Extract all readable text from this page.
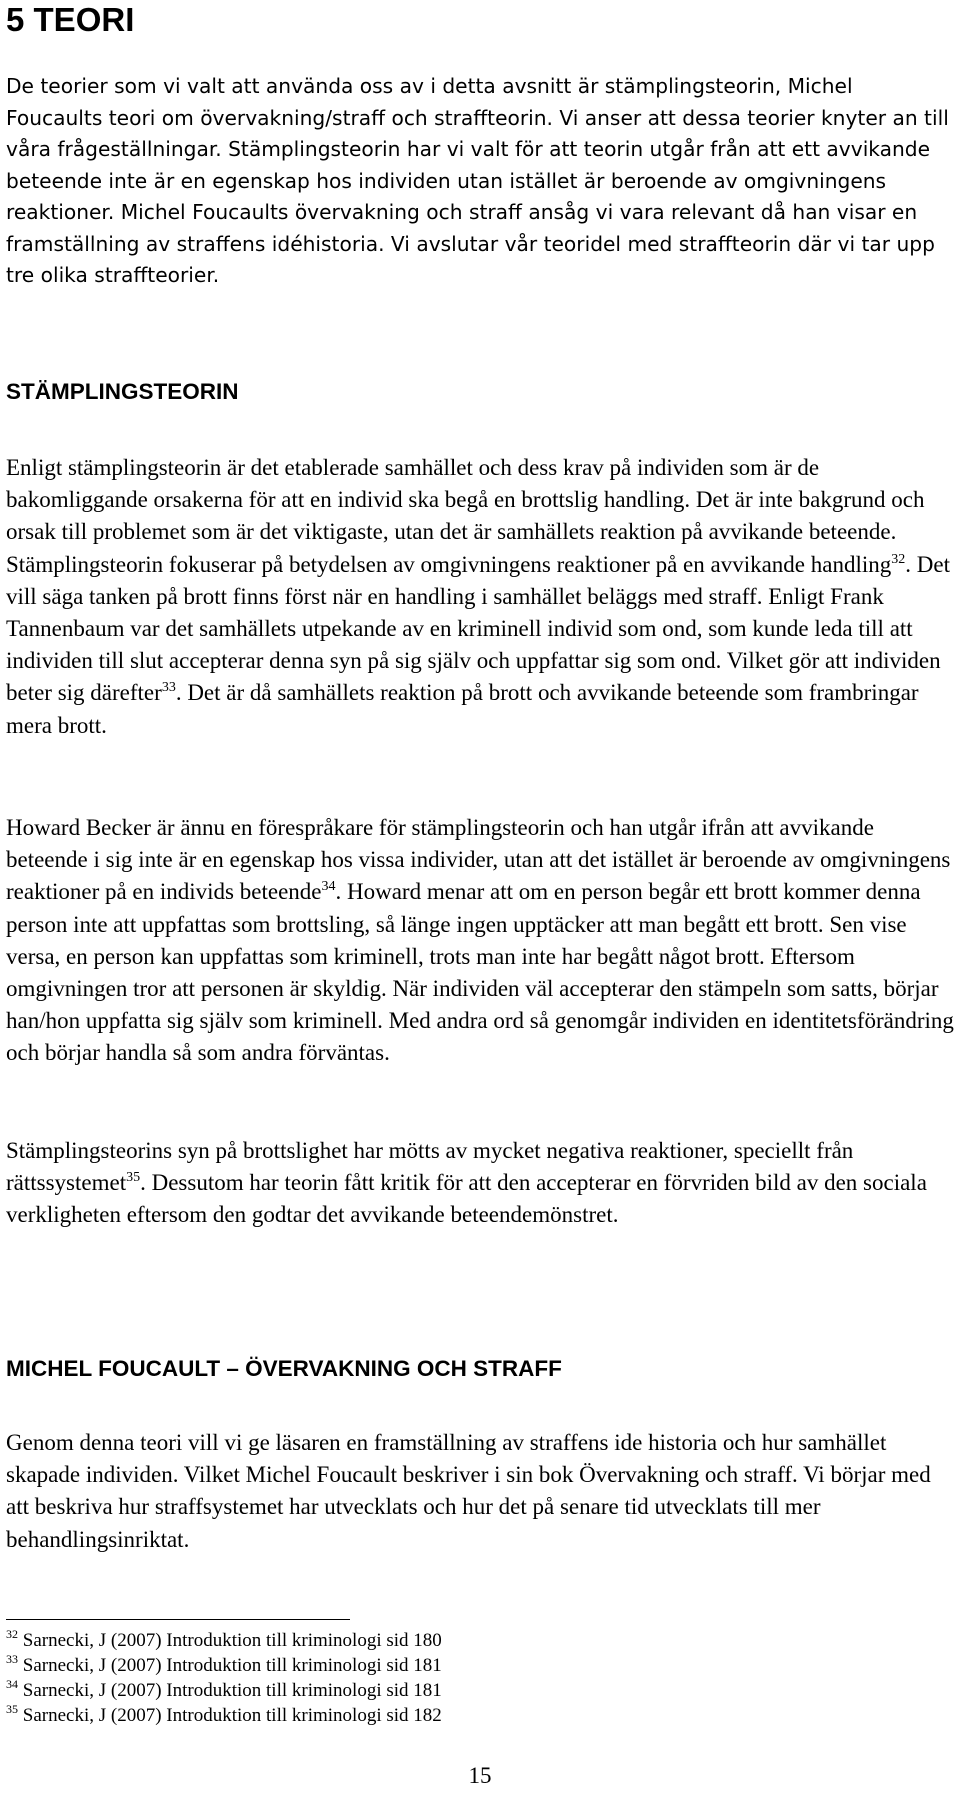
5 TEORI

De teorier som vi valt att använda oss av i detta avsnitt är stämplingsteorin, Michel Foucaults teori om övervakning/straff och straffteorin. Vi anser att dessa teorier knyter an till våra frågeställningar. Stämplingsteorin har vi valt för att teorin utgår från att ett avvikande beteende inte är en egenskap hos individen utan istället är beroende av omgivningens reaktioner. Michel Foucaults övervakning och straff ansåg vi vara relevant då han visar en framställning av straffens idéhistoria. Vi avslutar vår teoridel med straffteorin där vi tar upp tre olika straffteorier.

STÄMPLINGSTEORIN

Enligt stämplingsteorin är det etablerade samhället och dess krav på individen som är de bakomliggande orsakerna för att en individ ska begå en brottslig handling. Det är inte bakgrund och orsak till problemet som är det viktigaste, utan det är samhällets reaktion på avvikande beteende. Stämplingsteorin fokuserar på betydelsen av omgivningens reaktioner på en avvikande handling$^{32}$. Det vill säga tanken på brott finns först när en handling i samhället beläggs med straff. Enligt Frank Tannenbaum var det samhällets utpekande av en kriminell individ som ond, som kunde leda till att individen till slut accepterar denna syn på sig själv och uppfattar sig som ond. Vilket gör att individen beter sig därefter$^{33}$. Det är då samhällets reaktion på brott och avvikande beteende som frambringar mera brott.

Howard Becker är ännu en förespråkare för stämplingsteorin och han utgår ifrån att avvikande beteende i sig inte är en egenskap hos vissa individer, utan att det istället är beroende av omgivningens reaktioner på en individs beteende$^{34}$. Howard menar att om en person begår ett brott kommer denna person inte att uppfattas som brottsling, så länge ingen upptäcker att man begått ett brott. Sen vise versa, en person kan uppfattas som kriminell, trots man inte har begått något brott. Eftersom omgivningen tror att personen är skyldig. När individen väl accepterar den stämpeln som satts, börjar han/hon uppfatta sig själv som kriminell. Med andra ord så genomgår individen en identitetsförändring och börjar handla så som andra förväntas.

Stämplingsteorins syn på brottslighet har mötts av mycket negativa reaktioner, speciellt från rättssystemet$^{35}$. Dessutom har teorin fått kritik för att den accepterar en förvriden bild av den sociala verkligheten eftersom den godtar det avvikande beteendemönstret.

MICHEL FOUCAULT – ÖVERVAKNING OCH STRAFF

Genom denna teori vill vi ge läsaren en framställning av straffens ide historia och hur samhället skapade individen. Vilket Michel Foucault beskriver i sin bok Övervakning och straff. Vi börjar med att beskriva hur straffsystemet har utvecklats och hur det på senare tid utvecklats till mer behandlingsinriktat.

$^{32}$ Sarnecki, J (2007) Introduktion till kriminologi sid 180
$^{33}$ Sarnecki, J (2007) Introduktion till kriminologi sid 181
$^{34}$ Sarnecki, J (2007) Introduktion till kriminologi sid 181
$^{35}$ Sarnecki, J (2007) Introduktion till kriminologi sid 182
15
